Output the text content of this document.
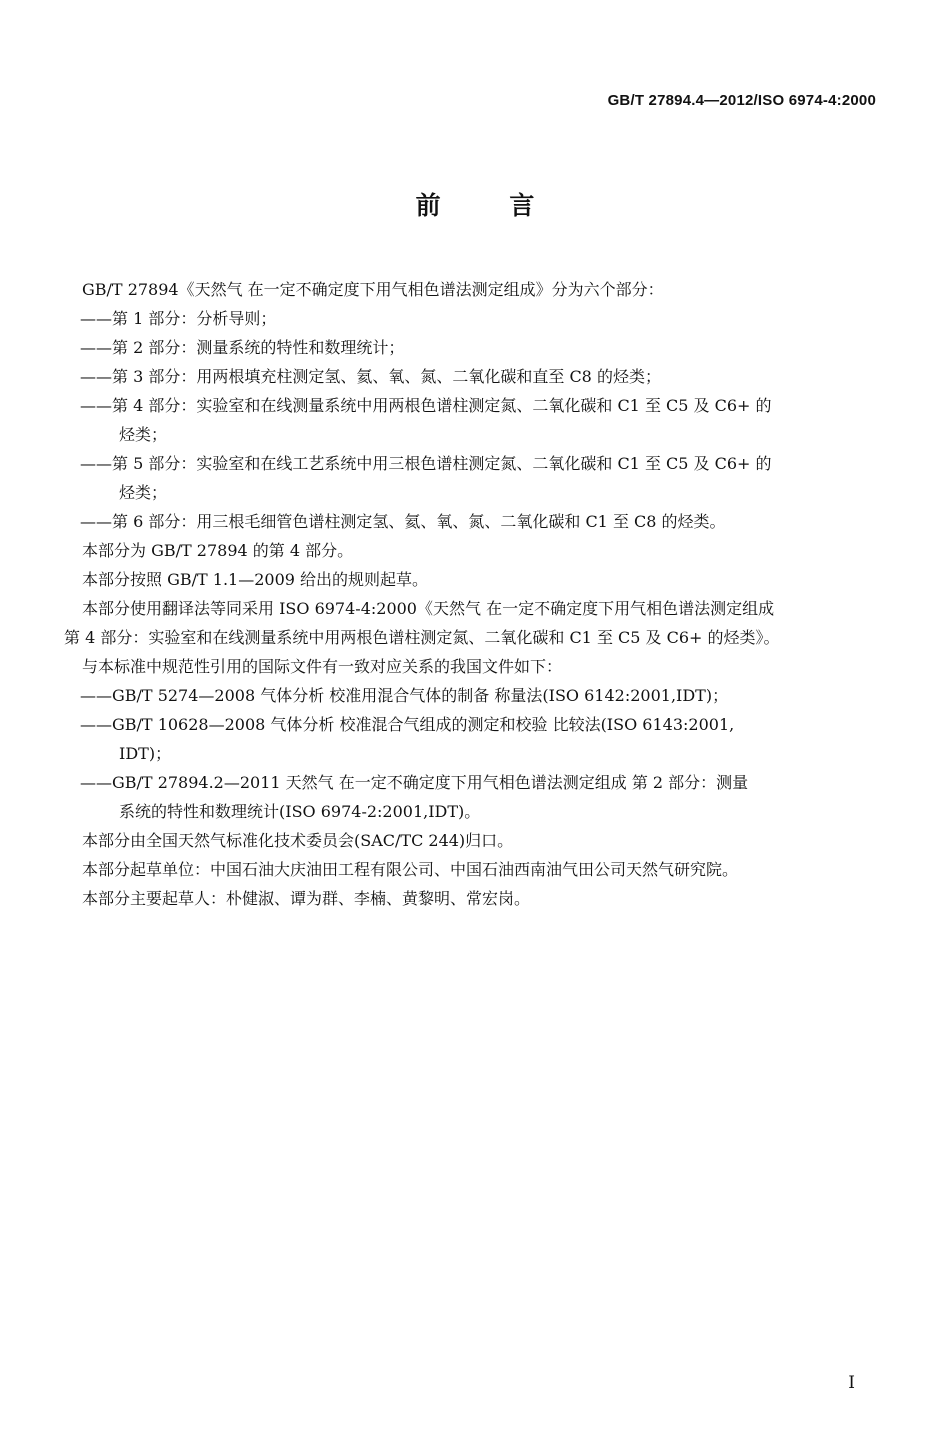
GB/T 27894.4—2012/ISO 6974-4:2000
前 言
GB/T 27894《天然气 在一定不确定度下用气相色谱法测定组成》分为六个部分：
——第 1 部分：分析导则；
——第 2 部分：测量系统的特性和数理统计；
——第 3 部分：用两根填充柱测定氢、氦、氧、氮、二氧化碳和直至 C8 的烃类；
——第 4 部分：实验室和在线测量系统中用两根色谱柱测定氮、二氧化碳和 C1 至 C5 及 C6+ 的
烃类；
——第 5 部分：实验室和在线工艺系统中用三根色谱柱测定氮、二氧化碳和 C1 至 C5 及 C6+ 的
烃类；
——第 6 部分：用三根毛细管色谱柱测定氢、氦、氧、氮、二氧化碳和 C1 至 C8 的烃类。
本部分为 GB/T 27894 的第 4 部分。
本部分按照 GB/T 1.1—2009 给出的规则起草。
本部分使用翻译法等同采用 ISO 6974-4:2000《天然气 在一定不确定度下用气相色谱法测定组成
第 4 部分：实验室和在线测量系统中用两根色谱柱测定氮、二氧化碳和 C1 至 C5 及 C6+ 的烃类》。
与本标准中规范性引用的国际文件有一致对应关系的我国文件如下：
——GB/T 5274—2008 气体分析 校准用混合气体的制备 称量法(ISO 6142:2001,IDT)；
——GB/T 10628—2008 气体分析 校准混合气组成的测定和校验 比较法(ISO 6143:2001,
IDT)；
——GB/T 27894.2—2011 天然气 在一定不确定度下用气相色谱法测定组成 第 2 部分：测量
系统的特性和数理统计(ISO 6974-2:2001,IDT)。
本部分由全国天然气标准化技术委员会(SAC/TC 244)归口。
本部分起草单位：中国石油大庆油田工程有限公司、中国石油西南油气田公司天然气研究院。
本部分主要起草人：朴健淑、谭为群、李楠、黄黎明、常宏岗。
I
